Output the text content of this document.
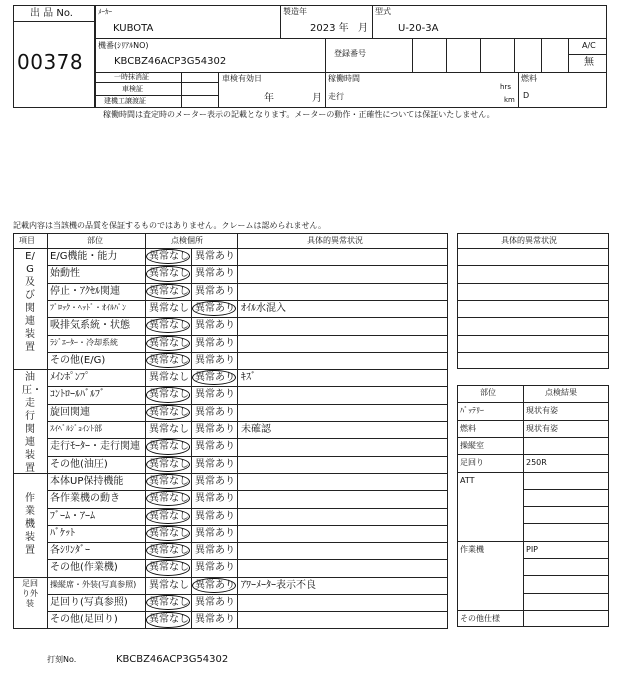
出 品 No.
00378
ﾒｰｶｰ
KUBOTA
製造年
2023 年 月
型式
U-20-3A
機番(ｼﾘｱﾙNO)
KBCBZ46ACP3G54302
登録番号
A/C
無
一時抹消証
車検証
建機工譲渡証
車検有効日
年	月
稼働時間
hrs
走行	km
燃料
D
稼働時間は査定時のメーター表示の記載となります。メーターの動作・正確性については保証いたしません。
記載内容は当該機の品質を保証するものではありません。クレームは認められません。
項目	部位	点検個所	具体的異常状況
E/G及び関連装置
E/G機能・能力	異常なし 異常あり
始動性	異常なし 異常あり
停止・ｱｸｾﾙ関連	異常なし 異常あり
ﾌﾞﾛｯｸ・ﾍｯﾄﾞ・ｵｲﾙﾊﾟﾝ 異常なし 異常あり ｵｲﾙ水混入
吸排気系統・状態 異常なし 異常あり
ﾗｼﾞｴｰﾀｰ・冷却系統	異常なし 異常あり
その他(E/G)	異常なし 異常あり
油圧・走行関連装置
ﾒｲﾝﾎﾟﾝﾌﾟ	異常なし 異常あり ｷｽﾞ
ｺﾝﾄﾛｰﾙﾊﾞﾙﾌﾞ	異常なし 異常あり
旋回関連	異常なし 異常あり
ｽｲﾍﾞﾙｼﾞｮｲﾝﾄ部	異常なし 異常あり 未確認
走行ﾓｰﾀｰ・走行関連 異常なし 異常あり
その他(油圧)	異常なし 異常あり
作業機装置
本体UP保持機能	異常なし 異常あり
各作業機の動き	異常なし 異常あり
ﾌﾞｰﾑ・ｱｰﾑ	異常なし 異常あり
ﾊﾞｹｯﾄ	異常なし 異常あり
各ｼﾘﾝﾀﾞｰ	異常なし 異常あり
その他(作業機)	異常なし 異常あり
足回り外装
操縦席・外装(写真参照) 異常なし 異常あり ｱﾜｰﾒｰﾀｰ表示不良
足回り(写真参照) 異常なし 異常あり
その他(足回り)	異常なし 異常あり
具体的異常状況
部位	点検結果
ﾊﾞｯﾃﾘｰ	現状有姿
燃料	現状有姿
操縦室
足回り	250R
ATT
作業機	PIP
その他仕様
打刻No.	KBCBZ46ACP3G54302
